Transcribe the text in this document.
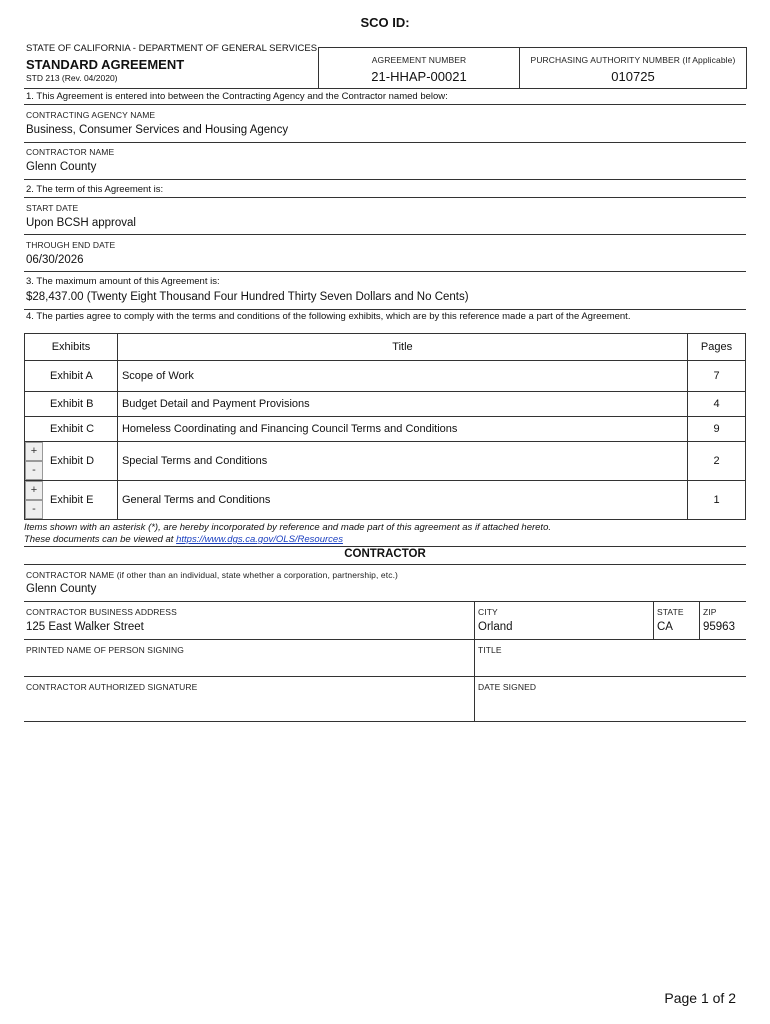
SCO ID:
STATE OF CALIFORNIA - DEPARTMENT OF GENERAL SERVICES
STANDARD AGREEMENT
STD 213 (Rev. 04/2020)
AGREEMENT NUMBER
21-HHAP-00021
PURCHASING AUTHORITY NUMBER (If Applicable)
010725
1. This Agreement is entered into between the Contracting Agency and the Contractor named below:
CONTRACTING AGENCY NAME
Business, Consumer Services and Housing Agency
CONTRACTOR NAME
Glenn County
2. The term of this Agreement is:
START DATE
Upon BCSH approval
THROUGH END DATE
06/30/2026
3. The maximum amount of this Agreement is:
$28,437.00 (Twenty Eight Thousand Four Hundred Thirty Seven Dollars and No Cents)
4. The parties agree to comply with the terms and conditions of the following exhibits, which are by this reference made a part of the Agreement.
Exhibits	Title	Pages
Exhibit A	Scope of Work	7
Exhibit B	Budget Detail and Payment Provisions	4
Exhibit C	Homeless Coordinating and Financing Council Terms and Conditions	9
Exhibit D	Special Terms and Conditions	2
Exhibit E	General Terms and Conditions	1
+
-
+
-
Items shown with an asterisk (*), are hereby incorporated by reference and made part of this agreement as if attached hereto.
These documents can be viewed at https://www.dgs.ca.gov/OLS/Resources
CONTRACTOR
CONTRACTOR NAME (if other than an individual, state whether a corporation, partnership, etc.)
Glenn County
CONTRACTOR BUSINESS ADDRESS
125 East Walker Street
CITY
Orland
STATE
CA
ZIP
95963
PRINTED NAME OF PERSON SIGNING	TITLE
CONTRACTOR AUTHORIZED SIGNATURE	DATE SIGNED
Page 1 of 2
